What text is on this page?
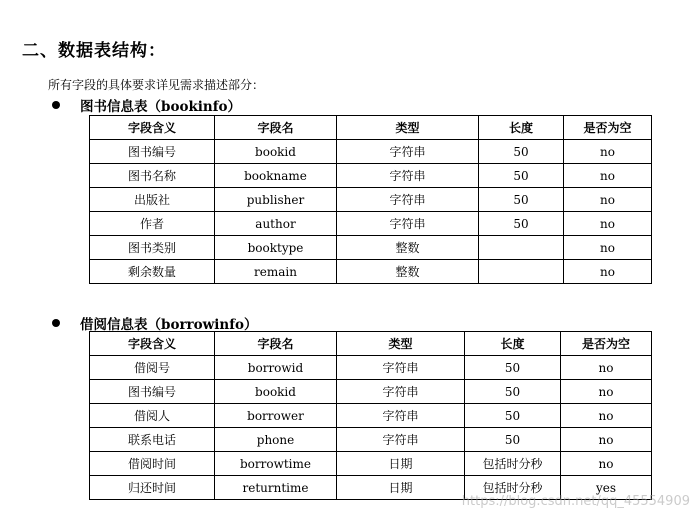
二、数据表结构：
所有字段的具体要求详见需求描述部分：
图书信息表（bookinfo）
字段含义	字段名	类型	长度	是否为空
图书编号	bookid	字符串	50	no
图书名称	bookname	字符串	50	no
出版社	publisher	字符串	50	no
作者	author	字符串	50	no
图书类别	booktype	整数		no
剩余数量	remain	整数		no
借阅信息表（borrowinfo）
字段含义	字段名	类型	长度	是否为空
借阅号	borrowid	字符串	50	no
图书编号	bookid	字符串	50	no
借阅人	borrower	字符串	50	no
联系电话	phone	字符串	50	no
借阅时间	borrowtime	日期	包括时分秒	no
归还时间	returntime	日期	包括时分秒	yes
https://blog.csdn.net/qq_45554909
